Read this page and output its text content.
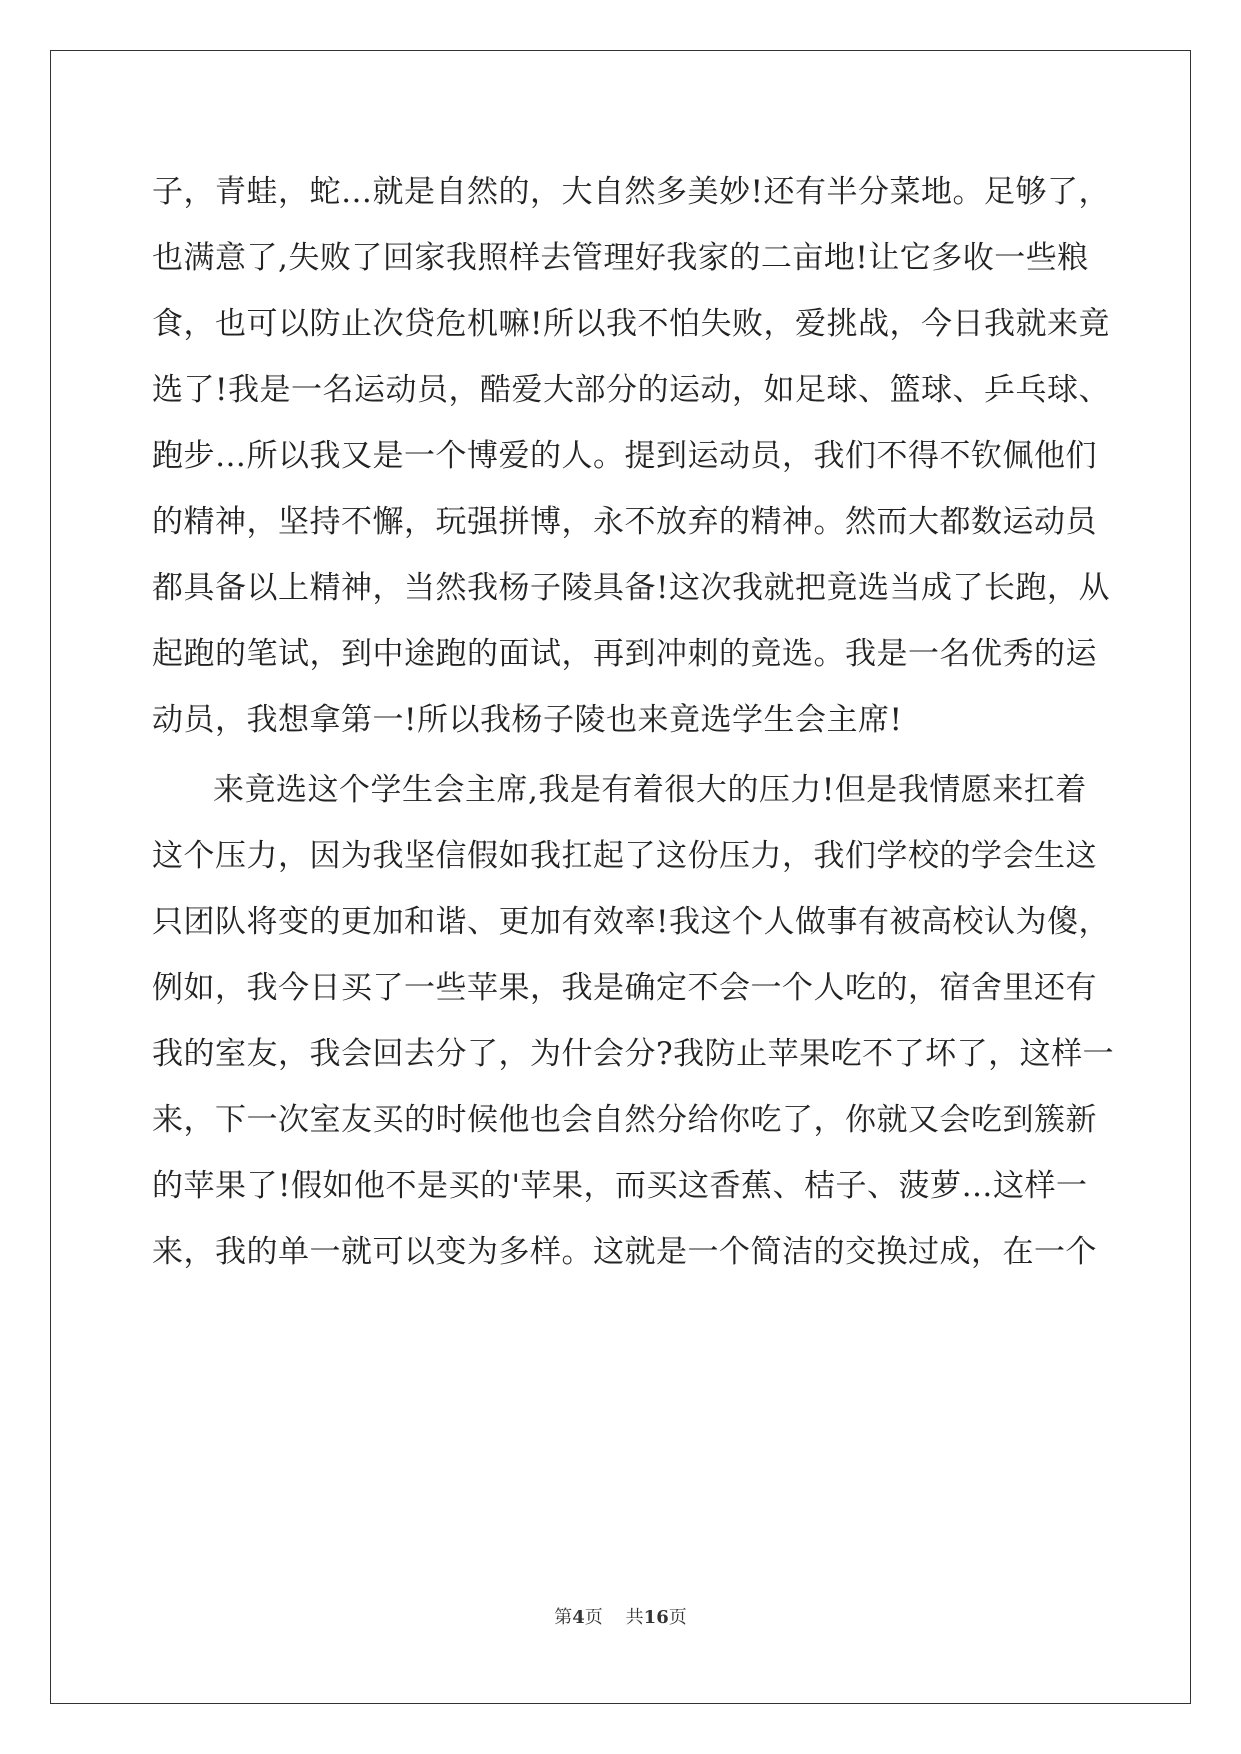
子，青蛙，蛇…就是自然的，大自然多美妙!还有半分菜地。足够了，
也满意了,失败了回家我照样去管理好我家的二亩地!让它多收一些粮
食，也可以防止次贷危机嘛!所以我不怕失败，爱挑战，今日我就来竟
选了!我是一名运动员，酷爱大部分的运动，如足球、篮球、乒乓球、
跑步…所以我又是一个博爱的人。提到运动员，我们不得不钦佩他们
的精神，坚持不懈，玩强拼博，永不放弃的精神。然而大都数运动员
都具备以上精神，当然我杨子陵具备!这次我就把竟选当成了长跑，从
起跑的笔试，到中途跑的面试，再到冲刺的竟选。我是一名优秀的运
动员，我想拿第一!所以我杨子陵也来竟选学生会主席!
来竟选这个学生会主席,我是有着很大的压力!但是我情愿来扛着
这个压力，因为我坚信假如我扛起了这份压力，我们学校的学会生这
只团队将变的更加和谐、更加有效率!我这个人做事有被高校认为傻，
例如，我今日买了一些苹果，我是确定不会一个人吃的，宿舍里还有
我的室友，我会回去分了，为什会分?我防止苹果吃不了坏了，这样一
来，下一次室友买的时候他也会自然分给你吃了，你就又会吃到簇新
的苹果了!假如他不是买的'苹果，而买这香蕉、桔子、菠萝…这样一
来，我的单一就可以变为多样。这就是一个简洁的交换过成，在一个
第4页 共16页
